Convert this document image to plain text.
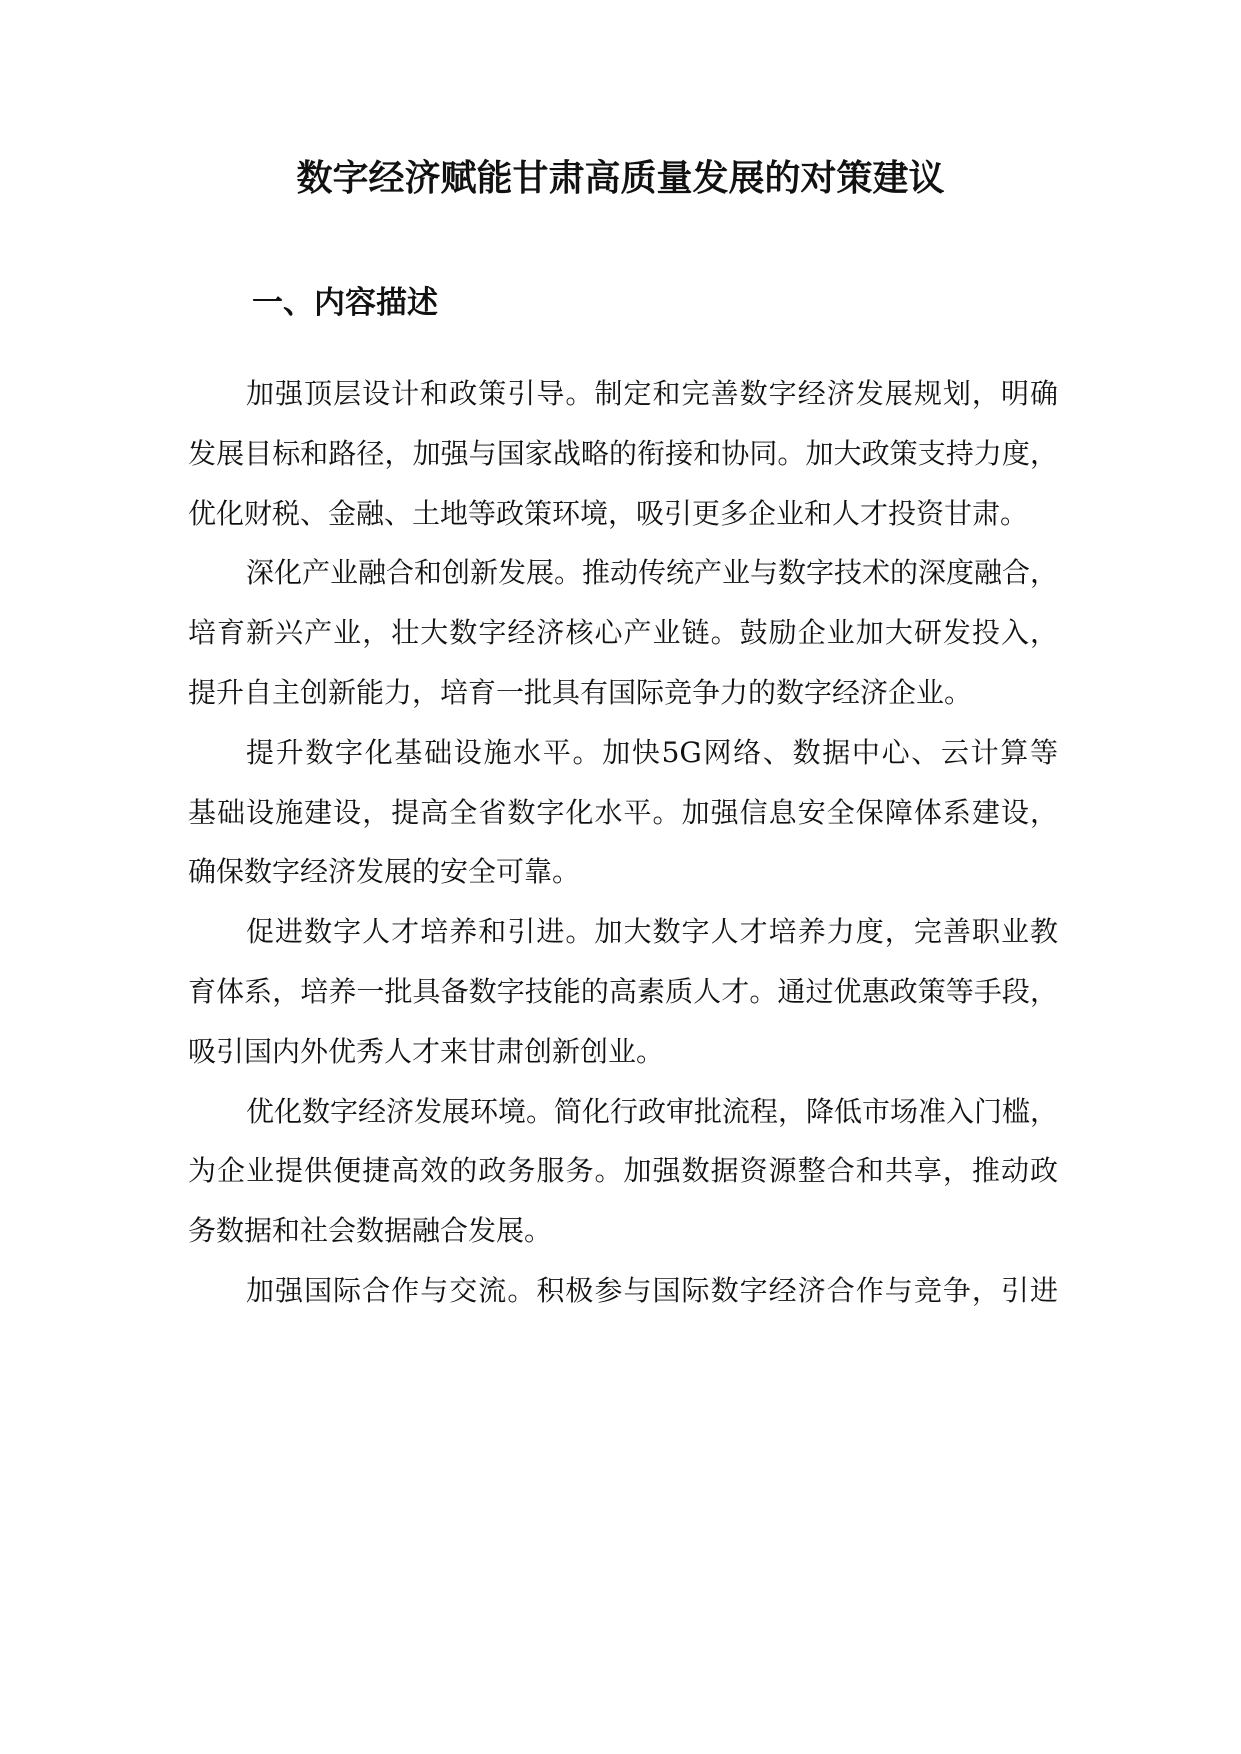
数字经济赋能甘肃高质量发展的对策建议
一、内容描述
加强顶层设计和政策引导。制定和完善数字经济发展规划，明确
发展目标和路径，加强与国家战略的衔接和协同。加大政策支持力度，
优化财税、金融、土地等政策环境，吸引更多企业和人才投资甘肃。
深化产业融合和创新发展。推动传统产业与数字技术的深度融合，
培育新兴产业，壮大数字经济核心产业链。鼓励企业加大研发投入，
提升自主创新能力，培育一批具有国际竞争力的数字经济企业。
提升数字化基础设施水平。加快5G网络、数据中心、云计算等
基础设施建设，提高全省数字化水平。加强信息安全保障体系建设，
确保数字经济发展的安全可靠。
促进数字人才培养和引进。加大数字人才培养力度，完善职业教
育体系，培养一批具备数字技能的高素质人才。通过优惠政策等手段，
吸引国内外优秀人才来甘肃创新创业。
优化数字经济发展环境。简化行政审批流程，降低市场准入门槛，
为企业提供便捷高效的政务服务。加强数据资源整合和共享，推动政
务数据和社会数据融合发展。
加强国际合作与交流。积极参与国际数字经济合作与竞争，引进
